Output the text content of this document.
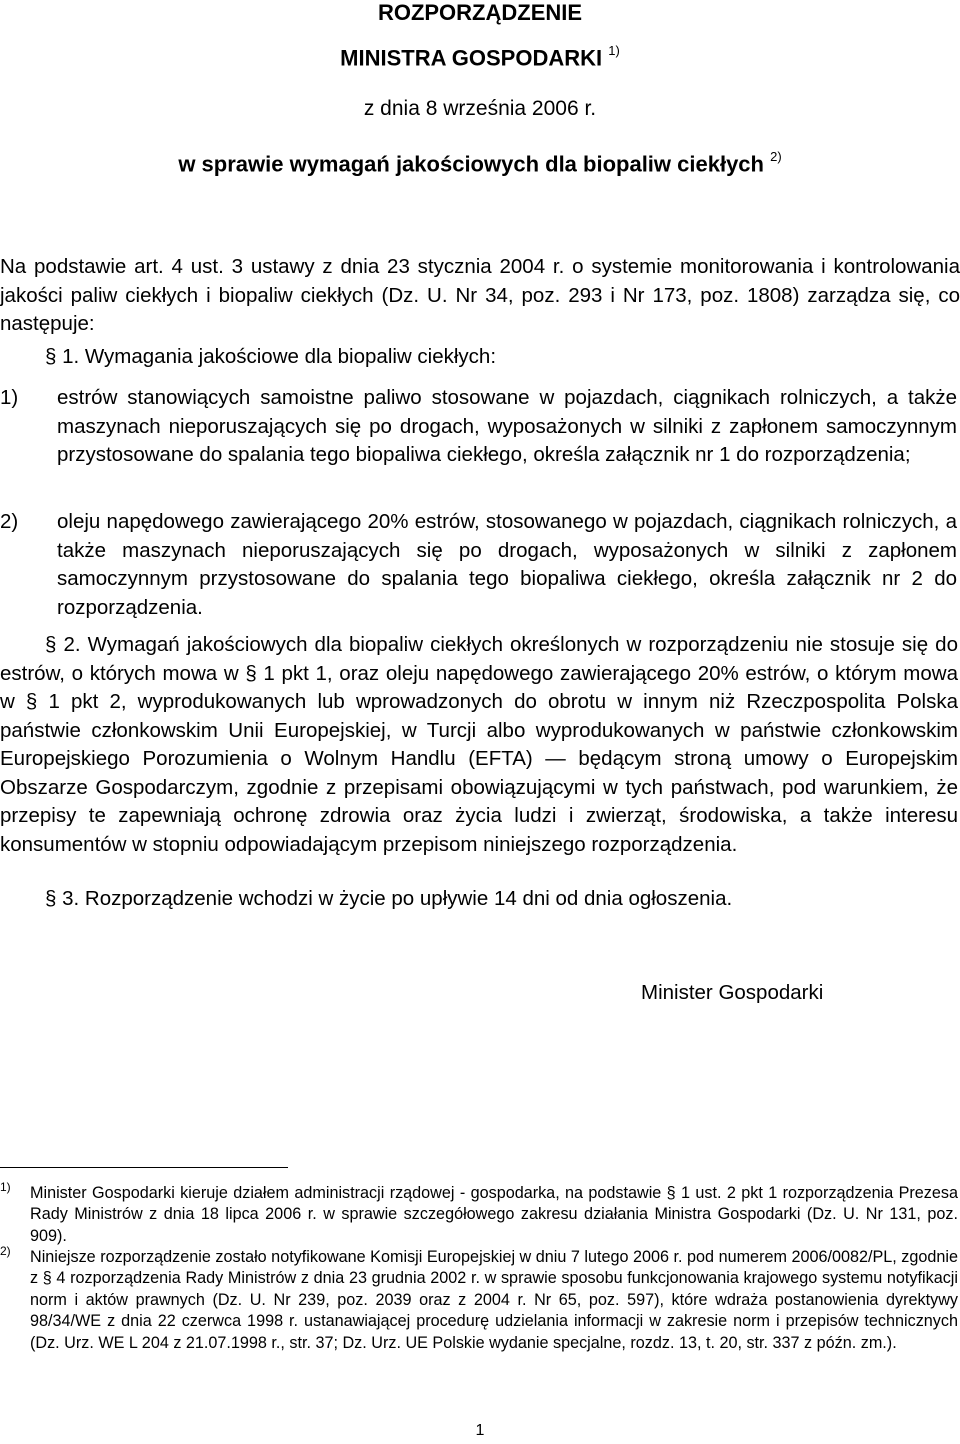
ROZPORZĄDZENIE
MINISTRA GOSPODARKI $^{1)}$
z dnia 8 września 2006 r.
w sprawie wymagań jakościowych dla biopaliw ciekłych $^{2)}$
Na podstawie art. 4 ust. 3 ustawy z dnia 23 stycznia 2004 r. o systemie monitorowania i kontrolowania jakości paliw ciekłych i biopaliw ciekłych (Dz. U. Nr 34, poz. 293 i Nr 173, poz. 1808) zarządza się, co następuje:
§ 1. Wymagania jakościowe dla biopaliw ciekłych:
1) estrów stanowiących samoistne paliwo stosowane w pojazdach, ciągnikach rolniczych, a także maszynach nieporuszających się po drogach, wyposażonych w silniki z zapłonem samoczynnym przystosowane do spalania tego biopaliwa ciekłego, określa załącznik nr 1 do rozporządzenia;
2) oleju napędowego zawierającego 20% estrów, stosowanego w pojazdach, ciągnikach rolniczych, a także maszynach nieporuszających się po drogach, wyposażonych w silniki z zapłonem samoczynnym przystosowane do spalania tego biopaliwa ciekłego, określa załącznik nr 2 do rozporządzenia.
§ 2. Wymagań jakościowych dla biopaliw ciekłych określonych w rozporządzeniu nie stosuje się do estrów, o których mowa w § 1 pkt 1, oraz oleju napędowego zawierającego 20% estrów, o którym mowa w § 1 pkt 2, wyprodukowanych lub wprowadzonych do obrotu w innym niż Rzeczpospolita Polska państwie członkowskim Unii Europejskiej, w Turcji albo wyprodukowanych w państwie członkowskim Europejskiego Porozumienia o Wolnym Handlu (EFTA) — będącym stroną umowy o Europejskim Obszarze Gospodarczym, zgodnie z przepisami obowiązującymi w tych państwach, pod warunkiem, że przepisy te zapewniają ochronę zdrowia oraz życia ludzi i zwierząt, środowiska, a także interesu konsumentów w stopniu odpowiadającym przepisom niniejszego rozporządzenia.
§ 3. Rozporządzenie wchodzi w życie po upływie 14 dni od dnia ogłoszenia.
Minister Gospodarki
1) Minister Gospodarki kieruje działem administracji rządowej - gospodarka, na podstawie § 1 ust. 2 pkt 1 rozporządzenia Prezesa Rady Ministrów z dnia 18 lipca 2006 r. w sprawie szczegółowego zakresu działania Ministra Gospodarki (Dz. U. Nr 131, poz. 909).
2) Niniejsze rozporządzenie zostało notyfikowane Komisji Europejskiej w dniu 7 lutego 2006 r. pod numerem 2006/0082/PL, zgodnie z § 4 rozporządzenia Rady Ministrów z dnia 23 grudnia 2002 r. w sprawie sposobu funkcjonowania krajowego systemu notyfikacji norm i aktów prawnych (Dz. U. Nr 239, poz. 2039 oraz z 2004 r. Nr 65, poz. 597), które wdraża postanowienia dyrektywy 98/34/WE z dnia 22 czerwca 1998 r. ustanawiającej procedurę udzielania informacji w zakresie norm i przepisów technicznych (Dz. Urz. WE L 204 z 21.07.1998 r., str. 37; Dz. Urz. UE Polskie wydanie specjalne, rozdz. 13, t. 20, str. 337 z późn. zm.).
1
